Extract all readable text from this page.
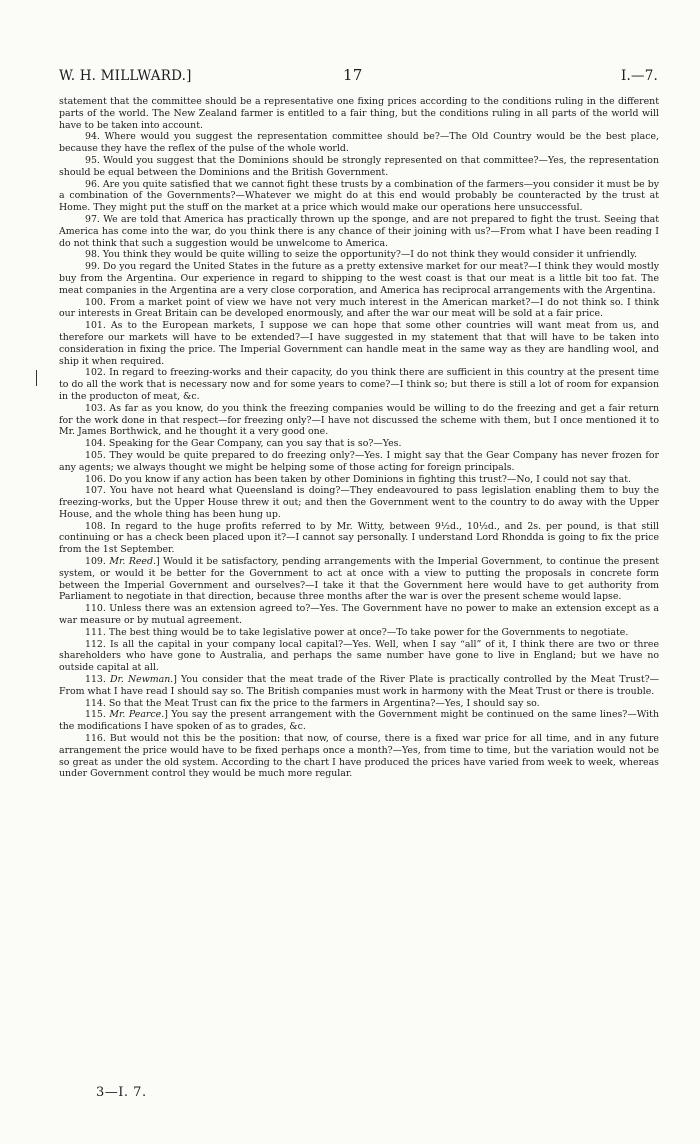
W. H. MILLWARD.]	17	I.—7.

statement that the committee should be a representative one fixing prices according to the conditions ruling in the different parts of the world. The New Zealand farmer is entitled to a fair thing, but the conditions ruling in all parts of the world will have to be taken into account.

94. Where would you suggest the representation committee should be?—The Old Country would be the best place, because they have the reflex of the pulse of the whole world.

95. Would you suggest that the Dominions should be strongly represented on that committee?—Yes, the representation should be equal between the Dominions and the British Government.

96. Are you quite satisfied that we cannot fight these trusts by a combination of the farmers—you consider it must be by a combination of the Governments?—Whatever we might do at this end would probably be counteracted by the trust at Home. They might put the stuff on the market at a price which would make our operations here unsuccessful.

97. We are told that America has practically thrown up the sponge, and are not prepared to fight the trust. Seeing that America has come into the war, do you think there is any chance of their joining with us?—From what I have been reading I do not think that such a suggestion would be unwelcome to America.

98. You think they would be quite willing to seize the opportunity?—I do not think they would consider it unfriendly.

99. Do you regard the United States in the future as a pretty extensive market for our meat?—I think they would mostly buy from the Argentina. Our experience in regard to shipping to the west coast is that our meat is a little bit too fat. The meat companies in the Argentina are a very close corporation, and America has reciprocal arrangements with the Argentina.

100. From a market point of view we have not very much interest in the American market?—I do not think so. I think our interests in Great Britain can be developed enormously, and after the war our meat will be sold at a fair price.

101. As to the European markets, I suppose we can hope that some other countries will want meat from us, and therefore our markets will have to be extended?—I have suggested in my statement that that will have to be taken into consideration in fixing the price. The Imperial Government can handle meat in the same way as they are handling wool, and ship it when required.

102. In regard to freezing-works and their capacity, do you think there are sufficient in this country at the present time to do all the work that is necessary now and for some years to come?—I think so; but there is still a lot of room for expansion in the producton of meat, &c.

103. As far as you know, do you think the freezing companies would be willing to do the freezing and get a fair return for the work done in that respect—for freezing only?—I have not discussed the scheme with them, but I once mentioned it to Mr. James Borthwick, and he thought it a very good one.

104. Speaking for the Gear Company, can you say that is so?—Yes.

105. They would be quite prepared to do freezing only?—Yes. I might say that the Gear Company has never frozen for any agents; we always thought we might be helping some of those acting for foreign principals.

106. Do you know if any action has been taken by other Dominions in fighting this trust?—No, I could not say that.

107. You have not heard what Queensland is doing?—They endeavoured to pass legislation enabling them to buy the freezing-works, but the Upper House threw it out; and then the Government went to the country to do away with the Upper House, and the whole thing has been hung up.

108. In regard to the huge profits referred to by Mr. Witty, between 9½d., 10½d., and 2s. per pound, is that still continuing or has a check been placed upon it?—I cannot say personally. I understand Lord Rhondda is going to fix the price from the 1st September.

109. Mr. Reed.] Would it be satisfactory, pending arrangements with the Imperial Government, to continue the present system, or would it be better for the Government to act at once with a view to putting the proposals in concrete form between the Imperial Government and ourselves?—I take it that the Government here would have to get authority from Parliament to negotiate in that direction, because three months after the war is over the present scheme would lapse.

110. Unless there was an extension agreed to?—Yes. The Government have no power to make an extension except as a war measure or by mutual agreement.

111. The best thing would be to take legislative power at once?—To take power for the Governments to negotiate.

112. Is all the capital in your company local capital?—Yes. Well, when I say “all” of it, I think there are two or three shareholders who have gone to Australia, and perhaps the same number have gone to live in England; but we have no outside capital at all.

113. Dr. Newman.] You consider that the meat trade of the River Plate is practically controlled by the Meat Trust?—From what I have read I should say so. The British companies must work in harmony with the Meat Trust or there is trouble.

114. So that the Meat Trust can fix the price to the farmers in Argentina?—Yes, I should say so.

115. Mr. Pearce.] You say the present arrangement with the Government might be continued on the same lines?—With the modifications I have spoken of as to grades, &c.

116. But would not this be the position: that now, of course, there is a fixed war price for all time, and in any future arrangement the price would have to be fixed perhaps once a month?—Yes, from time to time, but the variation would not be so great as under the old system. According to the chart I have produced the prices have varied from week to week, whereas under Government control they would be much more regular.

3—I. 7.
